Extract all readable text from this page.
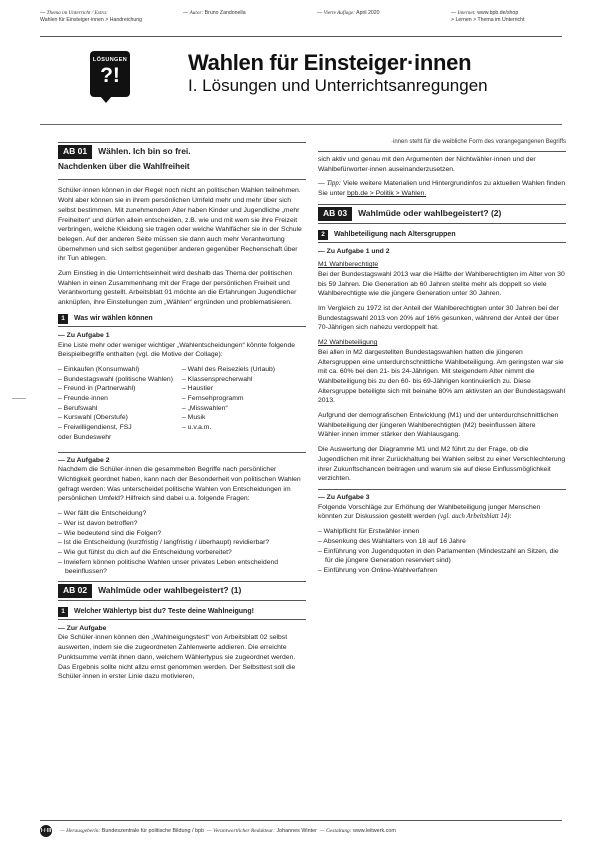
— Thema im Unterricht / Extra:
Wahlen für Einsteiger·innen > Handreichung
— Autor: Bruno Zandonella	— Vierte Auflage: April 2020	— Internet: www.bpb.de/shop
> Lernen > Thema im Unterricht
LÖSUNGEN
?!
Wahlen für Einsteiger·innen
I. Lösungen und Unterrichtsanregungen
AB 01	Wählen. Ich bin so frei.
Nachdenken über die Wahlfreiheit

Schüler·innen können in der Regel noch nicht an politischen Wahlen teilnehmen. Wohl aber können sie in ihrem persönlichen Umfeld mehr und mehr über sich selbst bestimmen. Mit zunehmendem Alter haben Kinder und Jugendliche „mehr Freiheiten“ und dürfen allein entscheiden, z.B. wie und mit wem sie ihre Freizeit verbringen, welche Kleidung sie tragen oder welche Wahlfächer sie in der Schule belegen. Auf der anderen Seite müssen sie dann auch mehr Verantwortung übernehmen und sich selbst gegenüber anderen gegenüber Rechenschaft über ihr Tun ablegen.

Zum Einstieg in die Unterrichtseinheit wird deshalb das Thema der politischen Wahlen in einen Zusammenhang mit der Frage der persönlichen Freiheit und Verantwortung gestellt. Arbeitsblatt 01 möchte an die Erfahrungen Jugendlicher anknüpfen, ihre Einstellungen zum „Wählen“ ergründen und problematisieren.

1	Was wir wählen können
— Zu Aufgabe 1

Eine Liste mehr oder weniger wichtiger „Wahlentscheidungen“ könnte folgende Beispielbegriffe enthalten (vgl. die Motive der Collage):

– Einkaufen (Konsumwahl)
– Bundestagswahl (politische Wahlen)
– Freund·in (Partnerwahl)
– Freunde·innen
– Berufswahl
– Kurswahl (Oberstufe)
– Freiwilligendienst, FSJ
oder Bundeswehr
– Wahl des Reiseziels (Urlaub)
– Klassensprecherwahl
– Haustier
– Fernsehprogramm
– „Misswahlen“
– Musik
– u.v.a.m.
— Zu Aufgabe 2

Nachdem die Schüler·innen die gesammelten Begriffe nach persönlicher Wichtigkeit geordnet haben, kann nach der Besonderheit von politischen Wahlen gefragt werden: Was unterscheidet politische Wahlen von Entscheidungen im persönlichen Umfeld? Hilfreich sind dabei u.a. folgende Fragen:

– Wer fällt die Entscheidung?
– Wer ist davon betroffen?
– Wie bedeutend sind die Folgen?
– Ist die Entscheidung (kurzfristig / langfristig / überhaupt) revidierbar?
– Wie gut fühlst du dich auf die Entscheidung vorbereitet?
– Inwiefern können politische Wahlen unser privates Leben entscheidend beeinflussen?
AB 02	Wahlmüde oder wahlbegeistert? (1)
1	Welcher Wählertyp bist du? Teste deine Wahlneigung!
— Zur Aufgabe

Die Schüler·innen können den „Wahlneigungstest“ von Arbeitsblatt 02 selbst auswerten, indem sie die zugeordneten Zahlenwerte addieren. Die erreichte Punktsumme verrät ihnen dann, welchem Wählertypus sie zugeordnet werden. Das Ergebnis sollte nicht allzu ernst genommen werden. Der Selbsttest soll die Schüler·innen in erster Linie dazu motivieren,

·innen steht für die weibliche Form des vorangegangenen Begriffs

sich aktiv und genau mit den Argumenten der Nichtwähler·innen und der Wahlbefürworter·innen auseinanderzusetzen.

— Tipp: Viele weitere Materialien und Hintergrundinfos zu aktuellen Wahlen finden Sie unter bpb.de > Politik > Wahlen.

AB 03	Wahlmüde oder wahlbegeistert? (2)
2	Wahlbeteiligung nach Altersgruppen
— Zu Aufgabe 1 und 2
M1 Wahlberechtigte

Bei der Bundestagswahl 2013 war die Hälfte der Wahlberechtigten im Alter von 30 bis 59 Jahren. Die Generation ab 60 Jahren stellte mehr als doppelt so viele Wahlberechtigte wie die jüngere Generation unter 30 Jahren.

Im Vergleich zu 1972 ist der Anteil der Wahlberechtigten unter 30 Jahren bei der Bundestagswahl 2013 von 20% auf 16% gesunken, während der Anteil der über 70-Jährigen sich nahezu verdoppelt hat.

M2 Wahlbeteiligung

Bei allen in M2 dargestellten Bundestagswahlen hatten die jüngeren Altersgruppen eine unterdurchschnittliche Wahlbeteiligung. Am geringsten war sie mit ca. 60% bei den 21- bis 24-Jährigen. Mit steigendem Alter nimmt die Wahlbeteiligung bis zu den 60- bis 69-Jährigen kontinuierlich zu. Diese Altersgruppe beteiligte sich mit beinahe 80% am aktivsten an der Bundestagswahl 2013.

Aufgrund der demografischen Entwicklung (M1) und der unterdurchschnittlichen Wahlbeteiligung der jüngeren Wahlberechtigten (M2) beeinflussen ältere Wähler·innen immer stärker den Wahlausgang.

Die Auswertung der Diagramme M1 und M2 führt zu der Frage, ob die Jugendlichen mit ihrer Zurückhaltung bei Wahlen selbst zu einer Verschlechterung ihrer Zukunftschancen beitragen und warum sie auf diese Einflussmöglichkeit verzichten.

— Zu Aufgabe 3

Folgende Vorschläge zur Erhöhung der Wahlbeteiligung junger Menschen könnten zur Diskussion gestellt werden (vgl. auch Arbeitsblatt 14):

– Wahlpflicht für Erstwähler·innen
– Absenkung des Wahlalters von 18 auf 16 Jahre
– Einführung von Jugendquoten in den Parlamenten (Mindestzahl an Sitzen, die für die jüngere Generation reserviert sind)
– Einführung von Online-Wahlverfahren
I·/·III — Herausgeberin: Bundeszentrale für politische Bildung / bpb — Verantwortlicher Redakteur: Johannes Winter — Gestaltung: www.leitwerk.com
